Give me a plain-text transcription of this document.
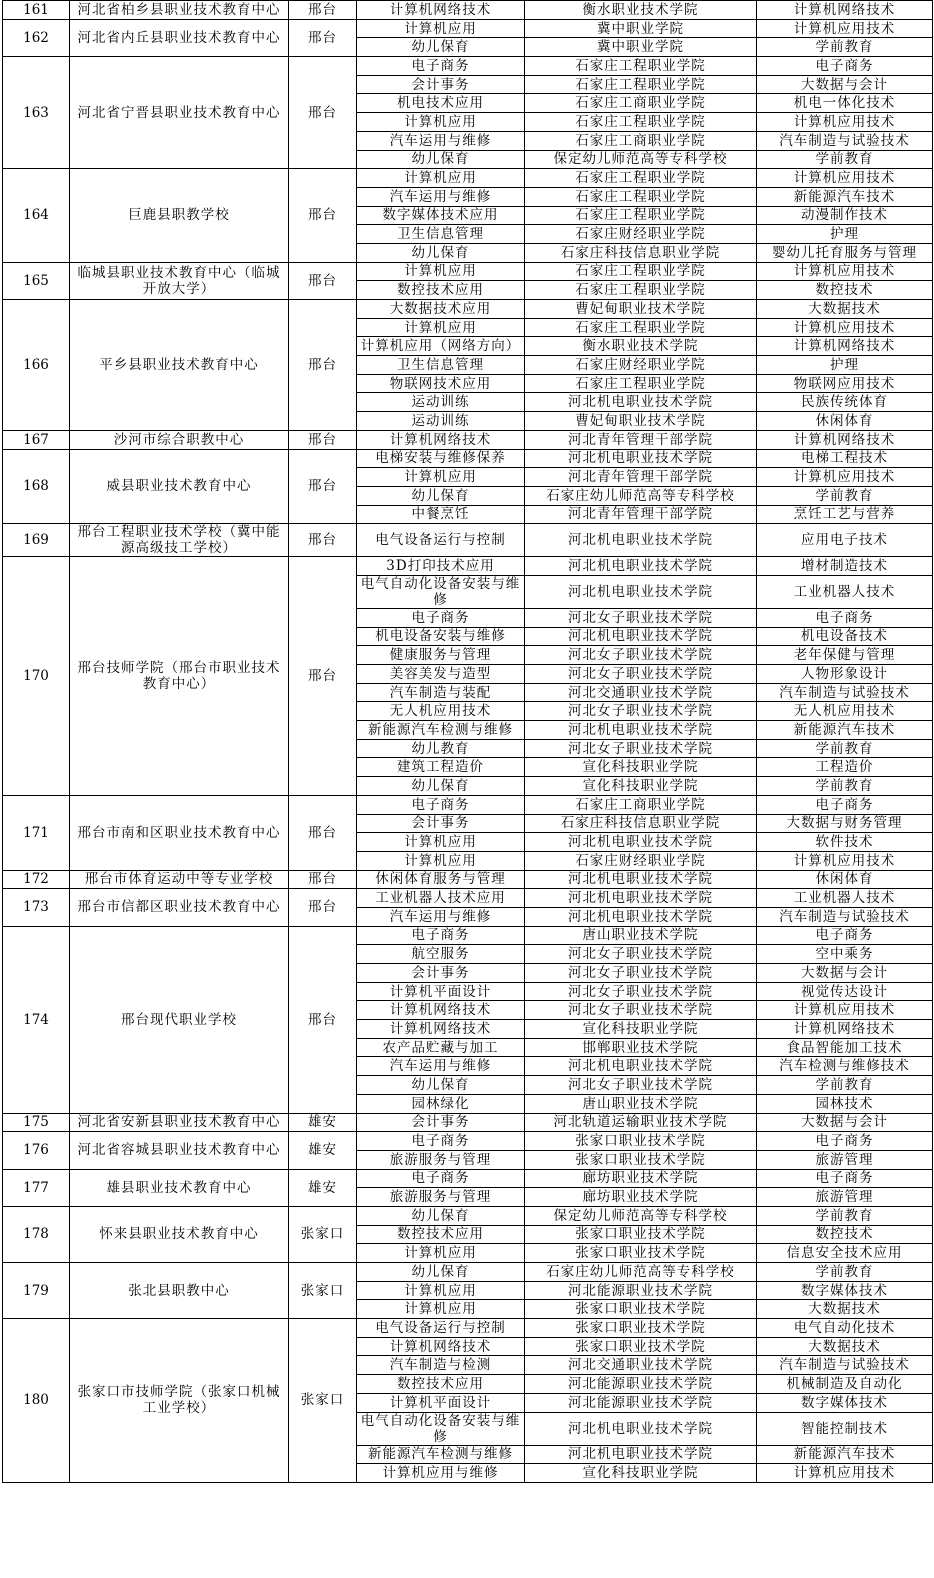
161	河北省柏乡县职业技术教育中心	邢台	计算机网络技术	衡水职业技术学院	计算机网络技术
162	河北省内丘县职业技术教育中心	邢台	计算机应用	冀中职业学院	计算机应用技术
			幼儿保育	冀中职业学院	学前教育
163	河北省宁晋县职业技术教育中心	邢台	电子商务	石家庄工程职业学院	电子商务
			会计事务	石家庄工程职业学院	大数据与会计
			机电技术应用	石家庄工商职业学院	机电一体化技术
			计算机应用	石家庄工程职业学院	计算机应用技术
			汽车运用与维修	石家庄工商职业学院	汽车制造与试验技术
			幼儿保育	保定幼儿师范高等专科学校	学前教育
164	巨鹿县职教学校	邢台	计算机应用	石家庄工程职业学院	计算机应用技术
			汽车运用与维修	石家庄工程职业学院	新能源汽车技术
			数字媒体技术应用	石家庄工程职业学院	动漫制作技术
			卫生信息管理	石家庄财经职业学院	护理
			幼儿保育	石家庄科技信息职业学院	婴幼儿托育服务与管理
165	临城县职业技术教育中心（临城开放大学）	邢台	计算机应用	石家庄工程职业学院	计算机应用技术
			数控技术应用	石家庄工程职业学院	数控技术
166	平乡县职业技术教育中心	邢台	大数据技术应用	曹妃甸职业技术学院	大数据技术
			计算机应用	石家庄工程职业学院	计算机应用技术
			计算机应用（网络方向）	衡水职业技术学院	计算机网络技术
			卫生信息管理	石家庄财经职业学院	护理
			物联网技术应用	石家庄工程职业学院	物联网应用技术
			运动训练	河北机电职业技术学院	民族传统体育
			运动训练	曹妃甸职业技术学院	休闲体育
167	沙河市综合职教中心	邢台	计算机网络技术	河北青年管理干部学院	计算机网络技术
168	威县职业技术教育中心	邢台	电梯安装与维修保养	河北机电职业技术学院	电梯工程技术
			计算机应用	河北青年管理干部学院	计算机应用技术
			幼儿保育	石家庄幼儿师范高等专科学校	学前教育
			中餐烹饪	河北青年管理干部学院	烹饪工艺与营养
169	邢台工程职业技术学校（冀中能源高级技工学校）	邢台	电气设备运行与控制	河北机电职业技术学院	应用电子技术
170	邢台技师学院（邢台市职业技术教育中心）	邢台	3D打印技术应用	河北机电职业技术学院	增材制造技术
			电气自动化设备安装与维修	河北机电职业技术学院	工业机器人技术
			电子商务	河北女子职业技术学院	电子商务
			机电设备安装与维修	河北机电职业技术学院	机电设备技术
			健康服务与管理	河北女子职业技术学院	老年保健与管理
			美容美发与造型	河北女子职业技术学院	人物形象设计
			汽车制造与装配	河北交通职业技术学院	汽车制造与试验技术
			无人机应用技术	河北女子职业技术学院	无人机应用技术
			新能源汽车检测与维修	河北机电职业技术学院	新能源汽车技术
			幼儿教育	河北女子职业技术学院	学前教育
			建筑工程造价	宣化科技职业学院	工程造价
			幼儿保育	宣化科技职业学院	学前教育
171	邢台市南和区职业技术教育中心	邢台	电子商务	石家庄工商职业学院	电子商务
			会计事务	石家庄科技信息职业学院	大数据与财务管理
			计算机应用	河北机电职业技术学院	软件技术
			计算机应用	石家庄财经职业学院	计算机应用技术
172	邢台市体育运动中等专业学校	邢台	休闲体育服务与管理	河北机电职业技术学院	休闲体育
173	邢台市信都区职业技术教育中心	邢台	工业机器人技术应用	河北机电职业技术学院	工业机器人技术
			汽车运用与维修	河北机电职业技术学院	汽车制造与试验技术
174	邢台现代职业学校	邢台	电子商务	唐山职业技术学院	电子商务
			航空服务	河北女子职业技术学院	空中乘务
			会计事务	河北女子职业技术学院	大数据与会计
			计算机平面设计	河北女子职业技术学院	视觉传达设计
			计算机网络技术	河北女子职业技术学院	计算机应用技术
			计算机网络技术	宣化科技职业学院	计算机网络技术
			农产品贮藏与加工	邯郸职业技术学院	食品智能加工技术
			汽车运用与维修	河北机电职业技术学院	汽车检测与维修技术
			幼儿保育	河北女子职业技术学院	学前教育
			园林绿化	唐山职业技术学院	园林技术
175	河北省安新县职业技术教育中心	雄安	会计事务	河北轨道运输职业技术学院	大数据与会计
176	河北省容城县职业技术教育中心	雄安	电子商务	张家口职业技术学院	电子商务
			旅游服务与管理	张家口职业技术学院	旅游管理
177	雄县职业技术教育中心	雄安	电子商务	廊坊职业技术学院	电子商务
			旅游服务与管理	廊坊职业技术学院	旅游管理
178	怀来县职业技术教育中心	张家口	幼儿保育	保定幼儿师范高等专科学校	学前教育
			数控技术应用	张家口职业技术学院	数控技术
			计算机应用	张家口职业技术学院	信息安全技术应用
179	张北县职教中心	张家口	幼儿保育	石家庄幼儿师范高等专科学校	学前教育
			计算机应用	河北能源职业技术学院	数字媒体技术
			计算机应用	张家口职业技术学院	大数据技术
180	张家口市技师学院（张家口机械工业学校）	张家口	电气设备运行与控制	张家口职业技术学院	电气自动化技术
			计算机网络技术	张家口职业技术学院	大数据技术
			汽车制造与检测	河北交通职业技术学院	汽车制造与试验技术
			数控技术应用	河北能源职业技术学院	机械制造及自动化
			计算机平面设计	河北能源职业技术学院	数字媒体技术
			电气自动化设备安装与维修	河北机电职业技术学院	智能控制技术
			新能源汽车检测与维修	河北机电职业技术学院	新能源汽车技术
			计算机应用与维修	宣化科技职业学院	计算机应用技术
